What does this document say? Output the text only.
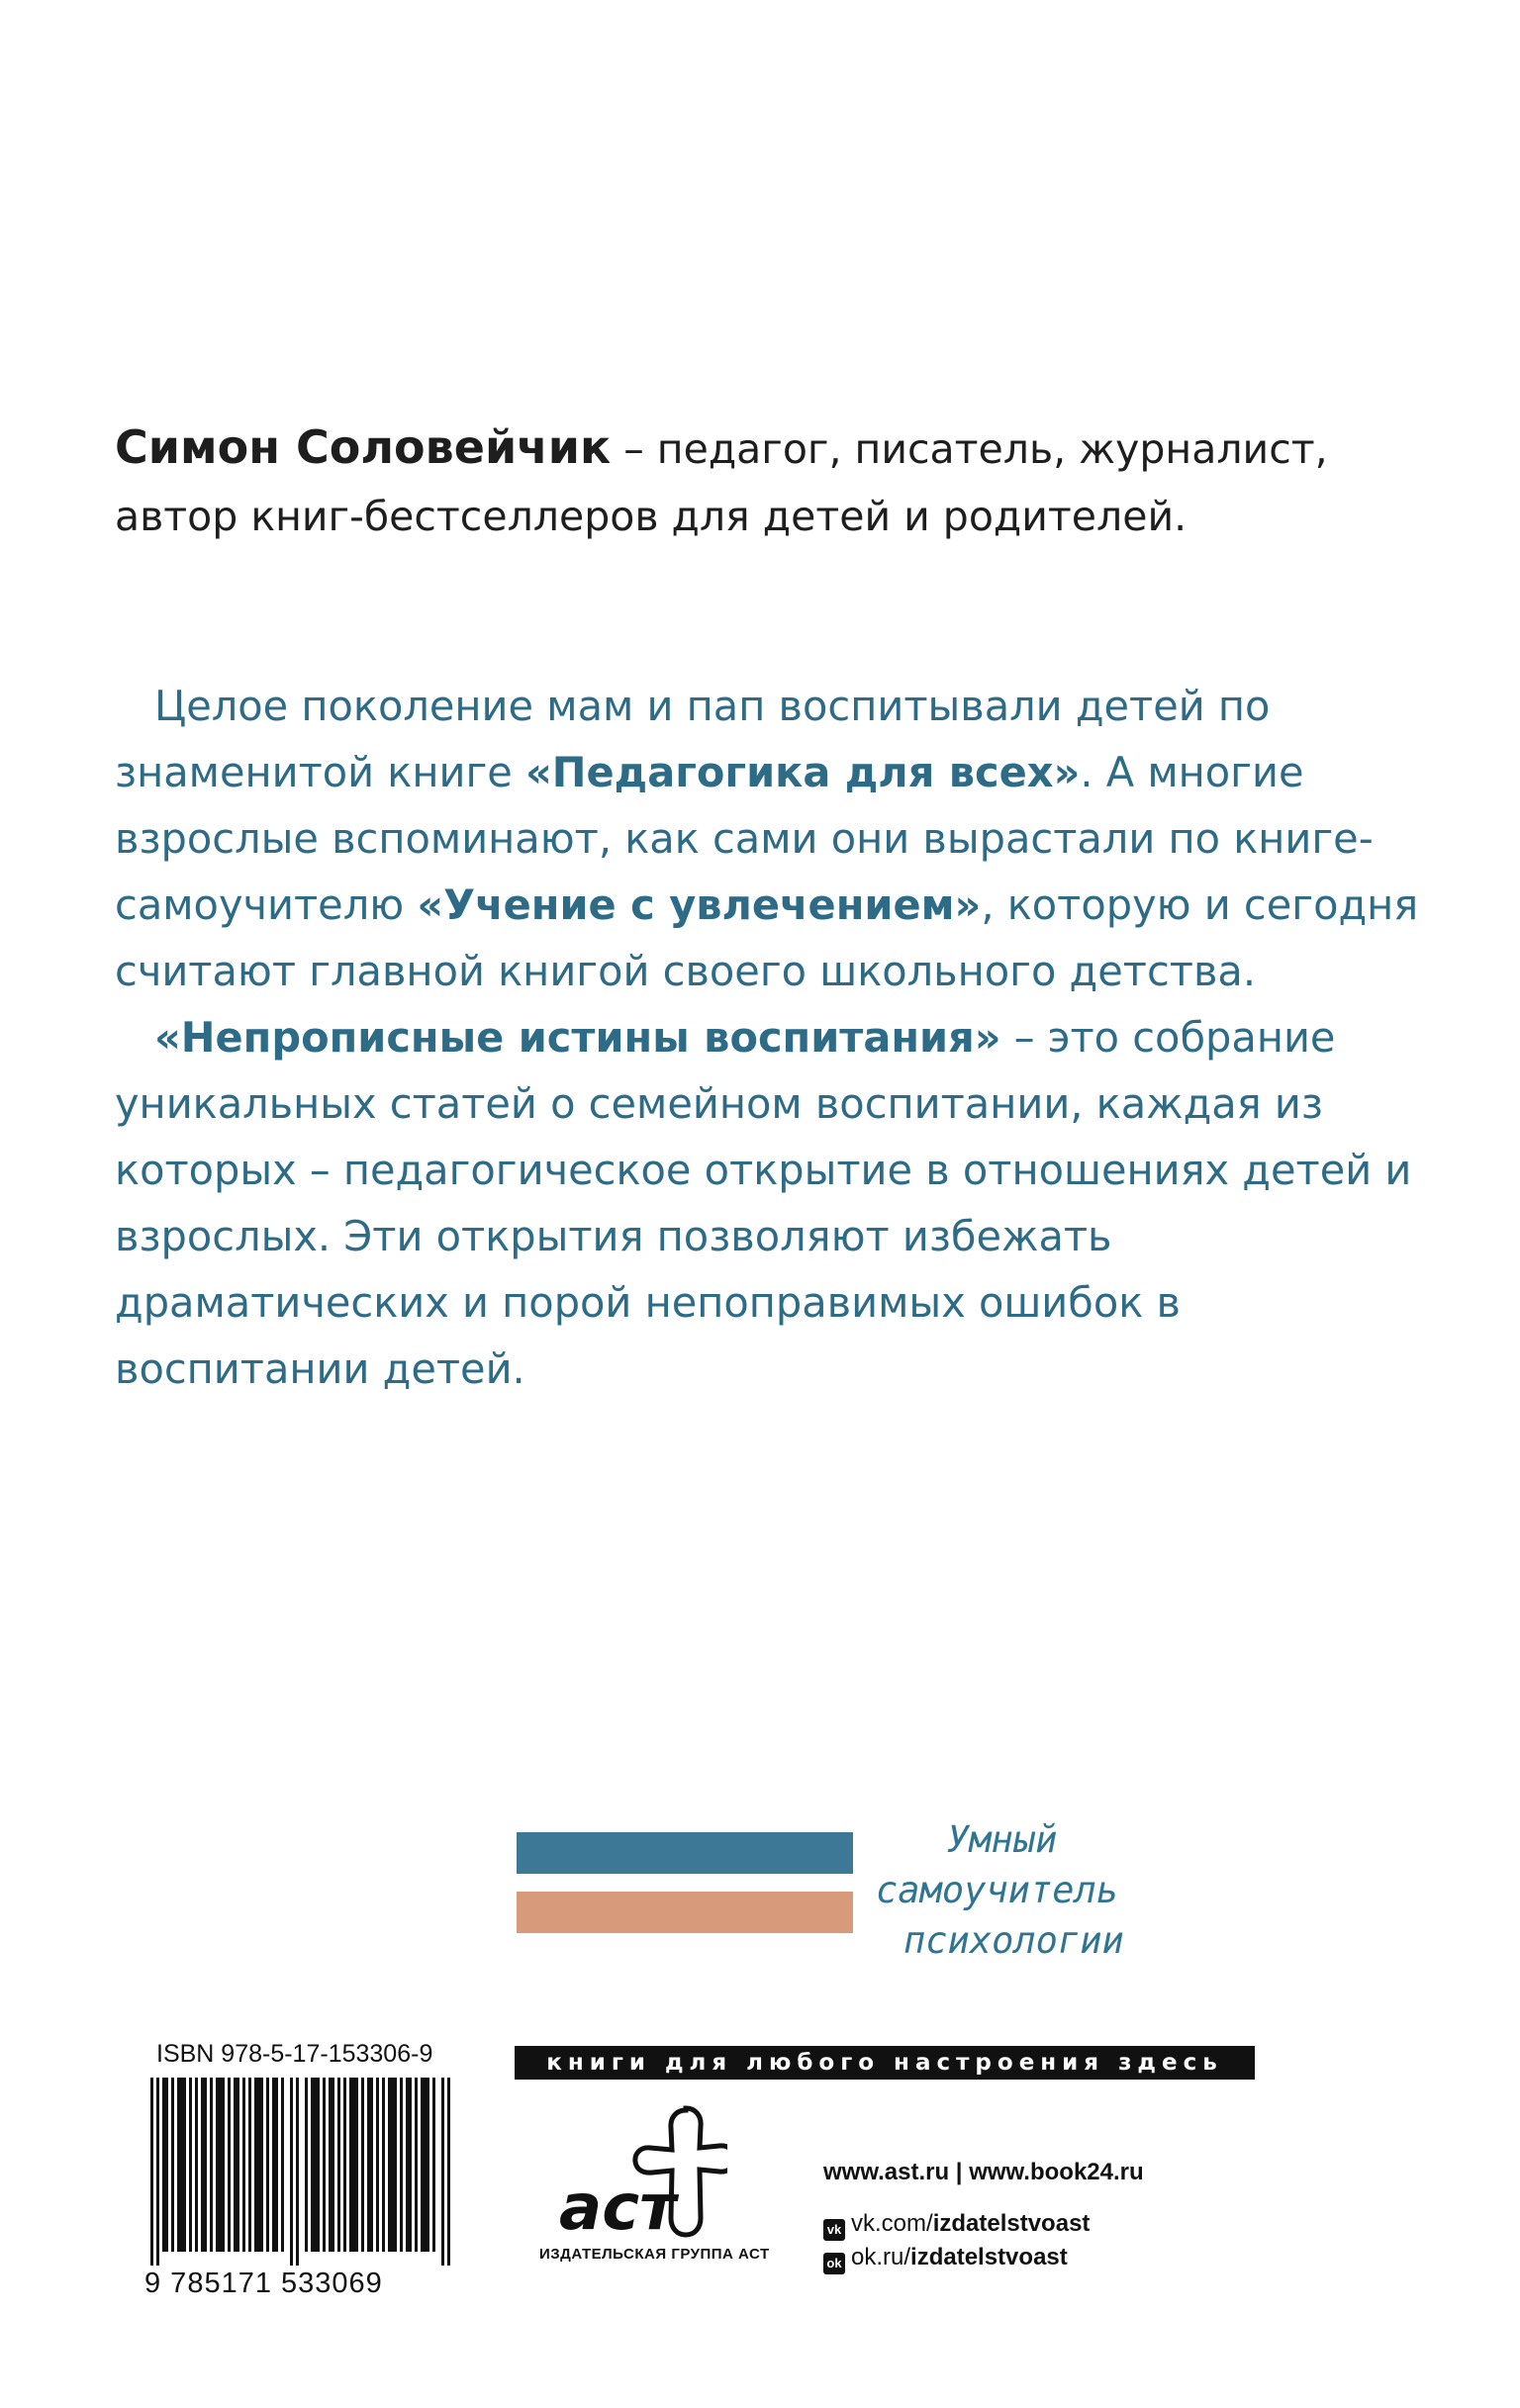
Симон Соловейчик – педагог, писатель, журналист,
автор книг-бестселлеров для детей и родителей.

Целое поколение мам и пап воспитывали детей по знаменитой книге «Педагогика для всех». А многие взрослые вспоминают, как сами они вырастали по книге-самоучителю «Учение с увлечением», которую и сегодня считают главной книгой своего школьного детства.

«Непрописные истины воспитания» – это собрание уникальных статей о семейном воспитании, каждая из которых – педагогическое открытие в отношениях детей и взрослых. Эти открытия позволяют избежать драматических и порой непоправимых ошибок в воспитании детей.

Умный
самоучитель
психологии
ISBN 978-5-17-153306-9
9 785171 533069
книги для любого настроения здесь
аст
ИЗДАТЕЛЬСКАЯ ГРУППА АСТ
www.ast.ru | www.book24.ru
vk vk.com/izdatelstvoast
ok ok.ru/izdatelstvoast
